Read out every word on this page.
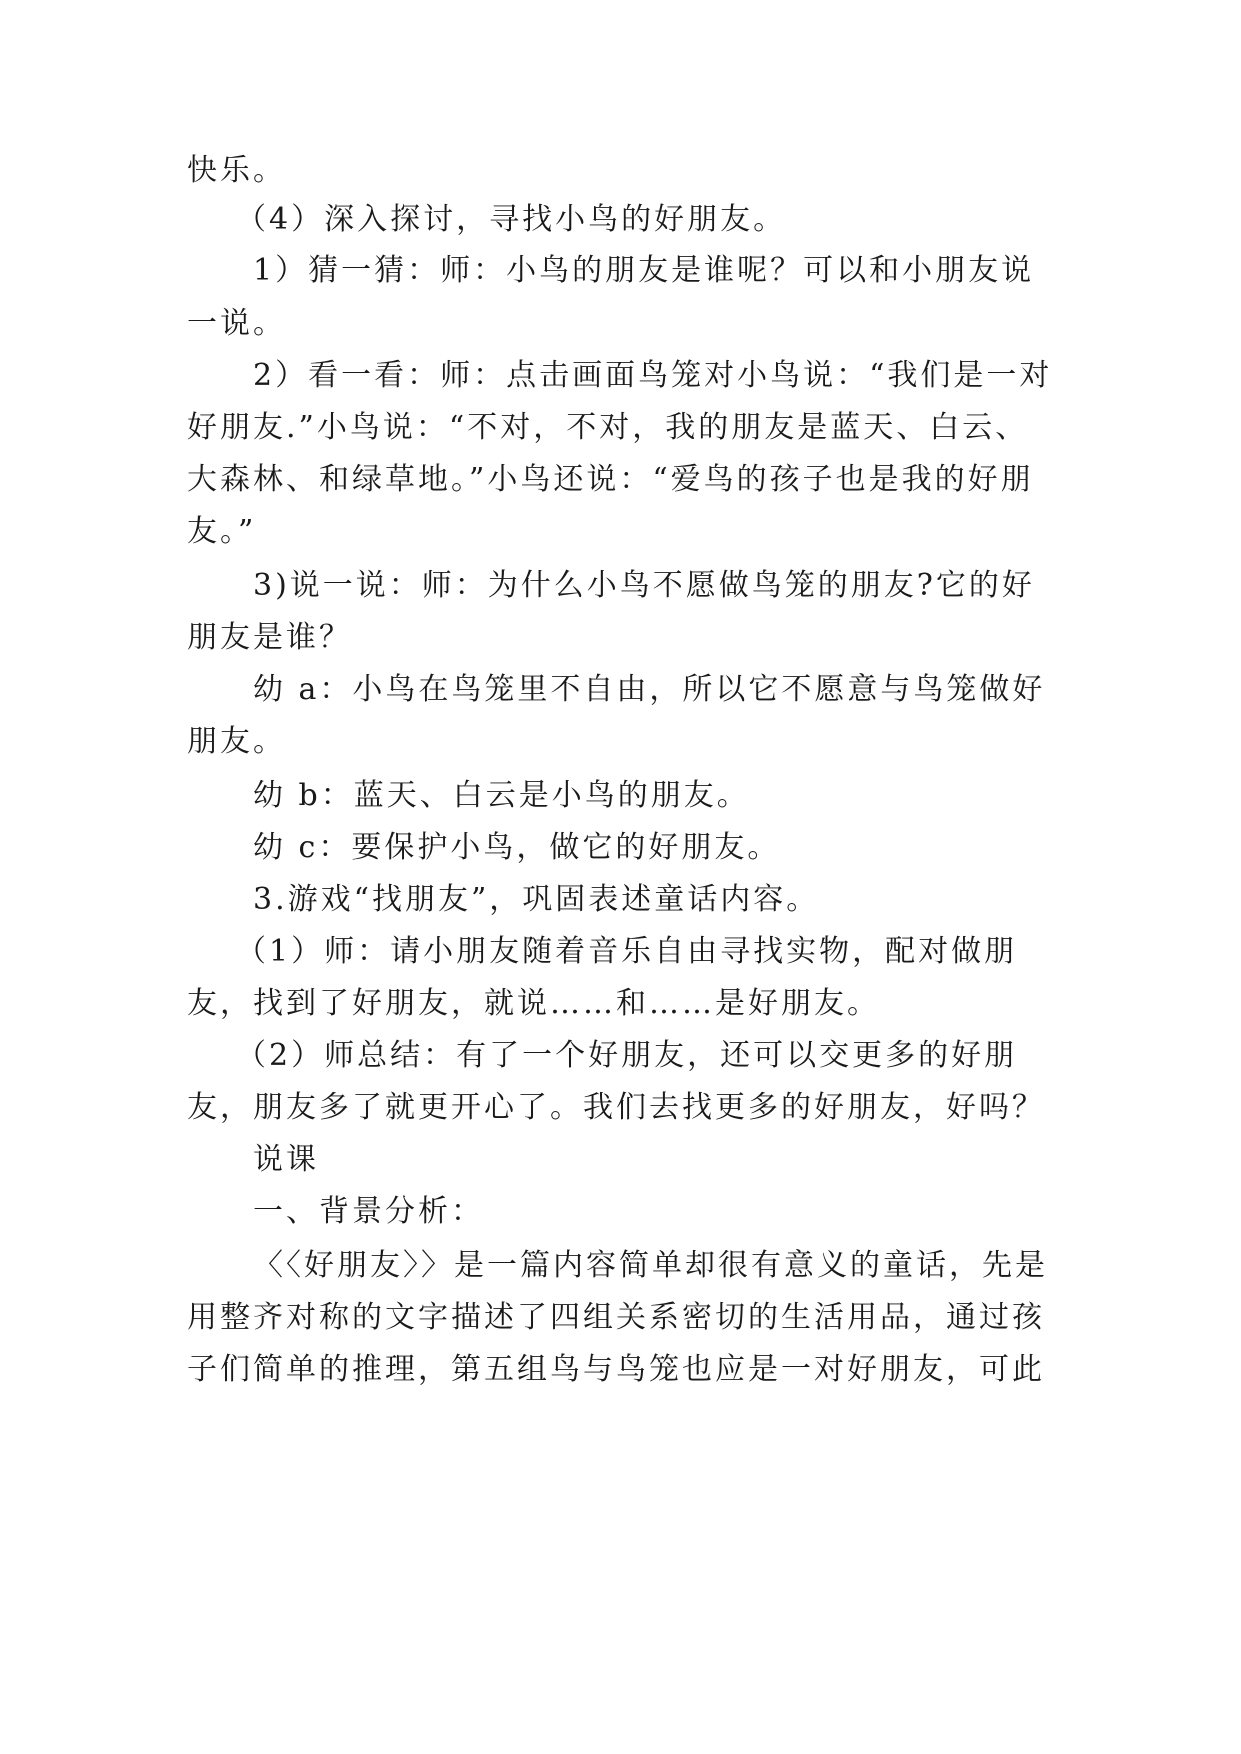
快乐。
（4）深入探讨，寻找小鸟的好朋友。
1）猜一猜：师：小鸟的朋友是谁呢？可以和小朋友说
一说。
2）看一看：师：点击画面鸟笼对小鸟说：“我们是一对
好朋友.”小鸟说：“不对，不对，我的朋友是蓝天、白云、
大森林、和绿草地。”小鸟还说：“爱鸟的孩子也是我的好朋
友。”
3)说一说：师：为什么小鸟不愿做鸟笼的朋友?它的好
朋友是谁？
幼 a：小鸟在鸟笼里不自由，所以它不愿意与鸟笼做好
朋友。
幼 b：蓝天、白云是小鸟的朋友。
幼 c：要保护小鸟，做它的好朋友。
3.游戏“找朋友”，巩固表述童话内容。
（1）师：请小朋友随着音乐自由寻找实物，配对做朋
友，找到了好朋友，就说……和……是好朋友。
（2）师总结：有了一个好朋友，还可以交更多的好朋
友，朋友多了就更开心了。我们去找更多的好朋友，好吗？
说课
一、背景分析：
〈〈好朋友〉〉是一篇内容简单却很有意义的童话，先是
用整齐对称的文字描述了四组关系密切的生活用品，通过孩
子们简单的推理，第五组鸟与鸟笼也应是一对好朋友，可此
